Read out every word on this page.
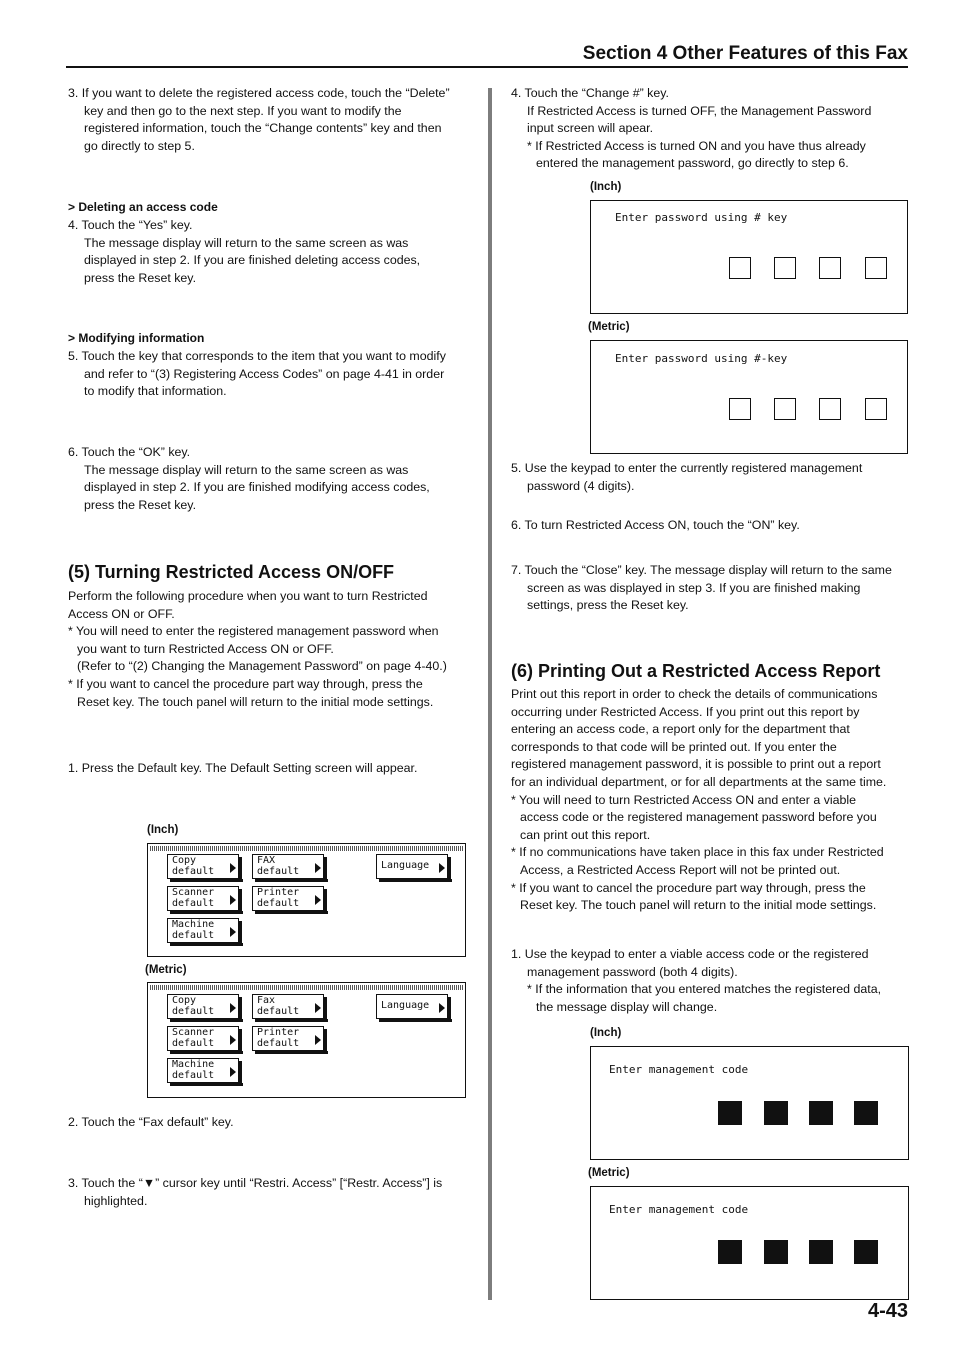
Section 4 Other Features of this Fax
4-43

3. If you want to delete the registered access code, touch the “Delete”

key and then go to the next step. If you want to modify the

registered information, touch the “Change contents” key and then

go directly to step 5.

> Deleting an access code

4. Touch the “Yes” key.

The message display will return to the same screen as was

displayed in step 2. If you are finished deleting access codes,

press the Reset key.

> Modifying information

5. Touch the key that corresponds to the item that you want to modify

and refer to “(3) Registering Access Codes” on page 4-41 in order

to modify that information.

6. Touch the “OK” key.

The message display will return to the same screen as was

displayed in step 2. If you are finished modifying access codes,

press the Reset key.

(5) Turning Restricted Access ON/OFF

Perform the following procedure when you want to turn Restricted

Access ON or OFF.

* You will need to enter the registered management password when

you want to turn Restricted Access ON or OFF.

(Refer to “(2) Changing the Management Password” on page 4-40.)

* If you want to cancel the procedure part way through, press the

Reset key. The touch panel will return to the initial mode settings.

1. Press the Default key. The Default Setting screen will appear.
(Inch)
Copy
default
FAX
default	Language
Scanner
default
Printer
default
Machine
default
(Metric)
Copy
default
Fax
default	Language
Scanner
default
Printer
default
Machine
default
2. Touch the “Fax default” key.

3. Touch the “▼” cursor key until “Restri. Access” [“Restr. Access”] is

highlighted.

4. Touch the “Change #” key.

If Restricted Access is turned OFF, the Management Password

input screen will apear.

* If Restricted Access is turned ON and you have thus already

entered the management password, go directly to step 6.

(Inch)
Enter password using # key
(Metric)
Enter password using #-key

5. Use the keypad to enter the currently registered management

password (4 digits).

6. To turn Restricted Access ON, touch the “ON” key.

7. Touch the “Close” key. The message display will return to the same

screen as was displayed in step 3. If you are finished making

settings, press the Reset key.

(6) Printing Out a Restricted Access Report

Print out this report in order to check the details of communications

occurring under Restricted Access. If you print out this report by

entering an access code, a report only for the department that

corresponds to that code will be printed out. If you enter the

registered management password, it is possible to print out a report

for an individual department, or for all departments at the same time.

* You will need to turn Restricted Access ON and enter a viable

access code or the registered management password before you

can print out this report.

* If no communications have taken place in this fax under Restricted

Access, a Restricted Access Report will not be printed out.

* If you want to cancel the procedure part way through, press the

Reset key. The touch panel will return to the initial mode settings.

1. Use the keypad to enter a viable access code or the registered

management password (both 4 digits).

* If the information that you entered matches the registered data,

the message display will change.

(Inch)
Enter management code
(Metric)
Enter management code
